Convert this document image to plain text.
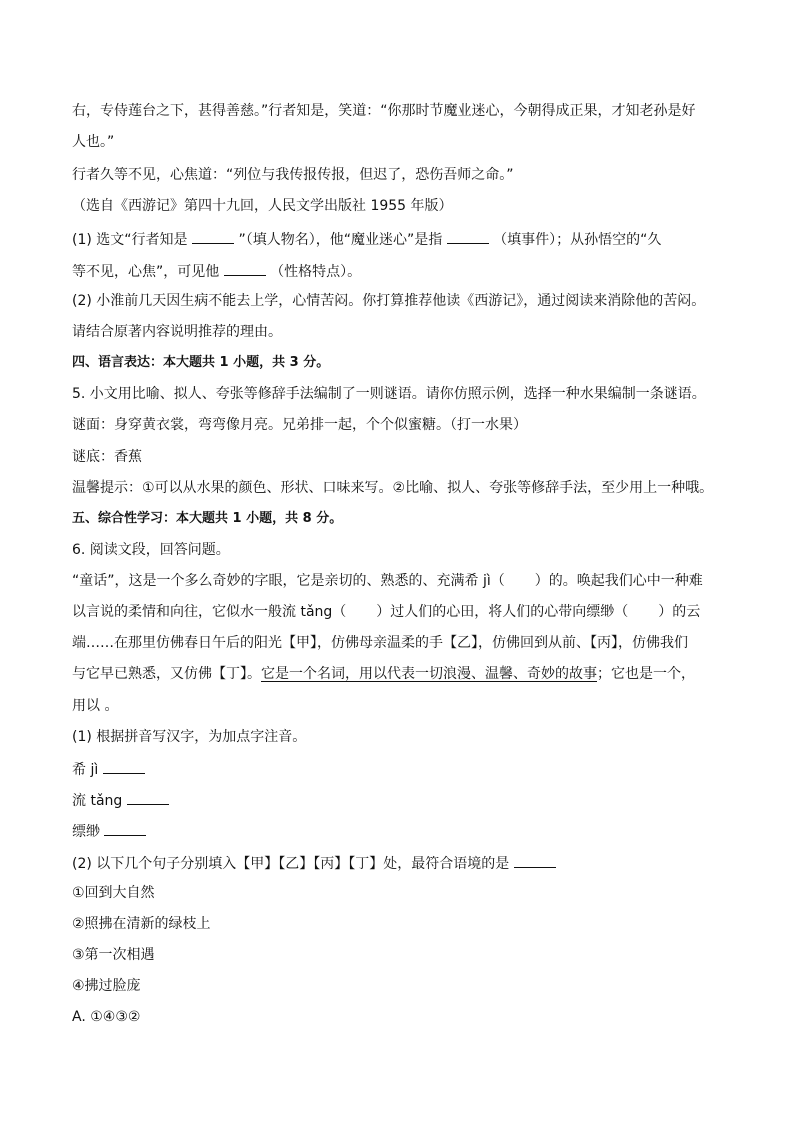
右，专侍莲台之下，甚得善慈。”行者知是，笑道：“你那时节魔业迷心，今朝得成正果，才知老孙是好
人也。”
行者久等不见，心焦道：“列位与我传报传报，但迟了，恐伤吾师之命。”
（选自《西游记》第四十九回，人民文学出版社 1955 年版）
(1) 选文“行者知是	”（填人物名），他“魔业迷心”是指	（填事件）；从孙悟空的“久
等不见，心焦”，可见他	（性格特点）。
(2) 小淮前几天因生病不能去上学，心情苦闷。你打算推荐他读《西游记》，通过阅读来消除他的苦闷。
请结合原著内容说明推荐的理由。
四、语言表达：本大题共 1 小题，共 3 分。
5. 小文用比喻、拟人、夸张等修辞手法编制了一则谜语。请你仿照示例，选择一种水果编制一条谜语。
谜面：身穿黄衣裳，弯弯像月亮。兄弟排一起，个个似蜜糖。（打一水果）
谜底：香蕉
温馨提示：①可以从水果的颜色、形状、口味来写。②比喻、拟人、夸张等修辞手法，至少用上一种哦。
五、综合性学习：本大题共 1 小题，共 8 分。
6. 阅读文段，回答问题。
“童话”，这是一个多么奇妙的字眼，它是亲切的、熟悉的、充满希 jì（ ）的。唤起我们心中一种难
以言说的柔情和向往，它似水一般流 tǎng（ ）过人们的心田，将人们的心带向缥缈（ ）的云
端……在那里仿佛春日午后的阳光【甲】，仿佛母亲温柔的手【乙】，仿佛回到从前、【丙】，仿佛我们
与它早已熟悉，又仿佛【丁】。它是一个名词，用以代表一切浪漫、温馨、奇妙的故事；它也是一个，
用以 。
(1) 根据拼音写汉字，为加点字注音。
希 jì
流 tǎng
缥缈
(2) 以下几个句子分别填入【甲】【乙】【丙】【丁】处，最符合语境的是
①回到大自然
②照拂在清新的绿枝上
③第一次相遇
④拂过脸庞
A. ①④③②
